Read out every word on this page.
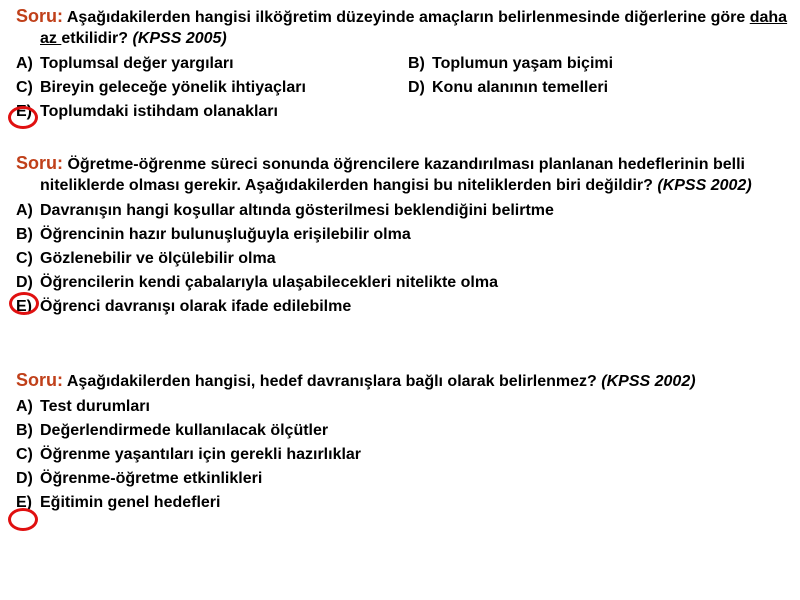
Soru: Aşağıdakilerden hangisi ilköğretim düzeyinde amaçların belirlenmesinde diğerlerine göre daha az etkilidir? (KPSS 2005)
A) Toplumsal değer yargıları	B) Toplumun yaşam biçimi
C) Bireyin geleceğe yönelik ihtiyaçları	D) Konu alanının temelleri
E) Toplumdaki istihdam olanakları
Soru: Öğretme-öğrenme süreci sonunda öğrencilere kazandırılması planlanan hedeflerinin belli niteliklerde olması gerekir. Aşağıdakilerden hangisi bu niteliklerden biri değildir? (KPSS 2002)
A) Davranışın hangi koşullar altında gösterilmesi beklendiğini belirtme
B) Öğrencinin hazır bulunuşluğuyla erişilebilir olma
C) Gözlenebilir ve ölçülebilir olma
D) Öğrencilerin kendi çabalarıyla ulaşabilecekleri nitelikte olma
E) Öğrenci davranışı olarak ifade edilebilme
Soru: Aşağıdakilerden hangisi, hedef davranışlara bağlı olarak belirlenmez? (KPSS 2002)
A) Test durumları
B) Değerlendirmede kullanılacak ölçütler
C) Öğrenme yaşantıları için gerekli hazırlıklar
D) Öğrenme-öğretme etkinlikleri
E) Eğitimin genel hedefleri
